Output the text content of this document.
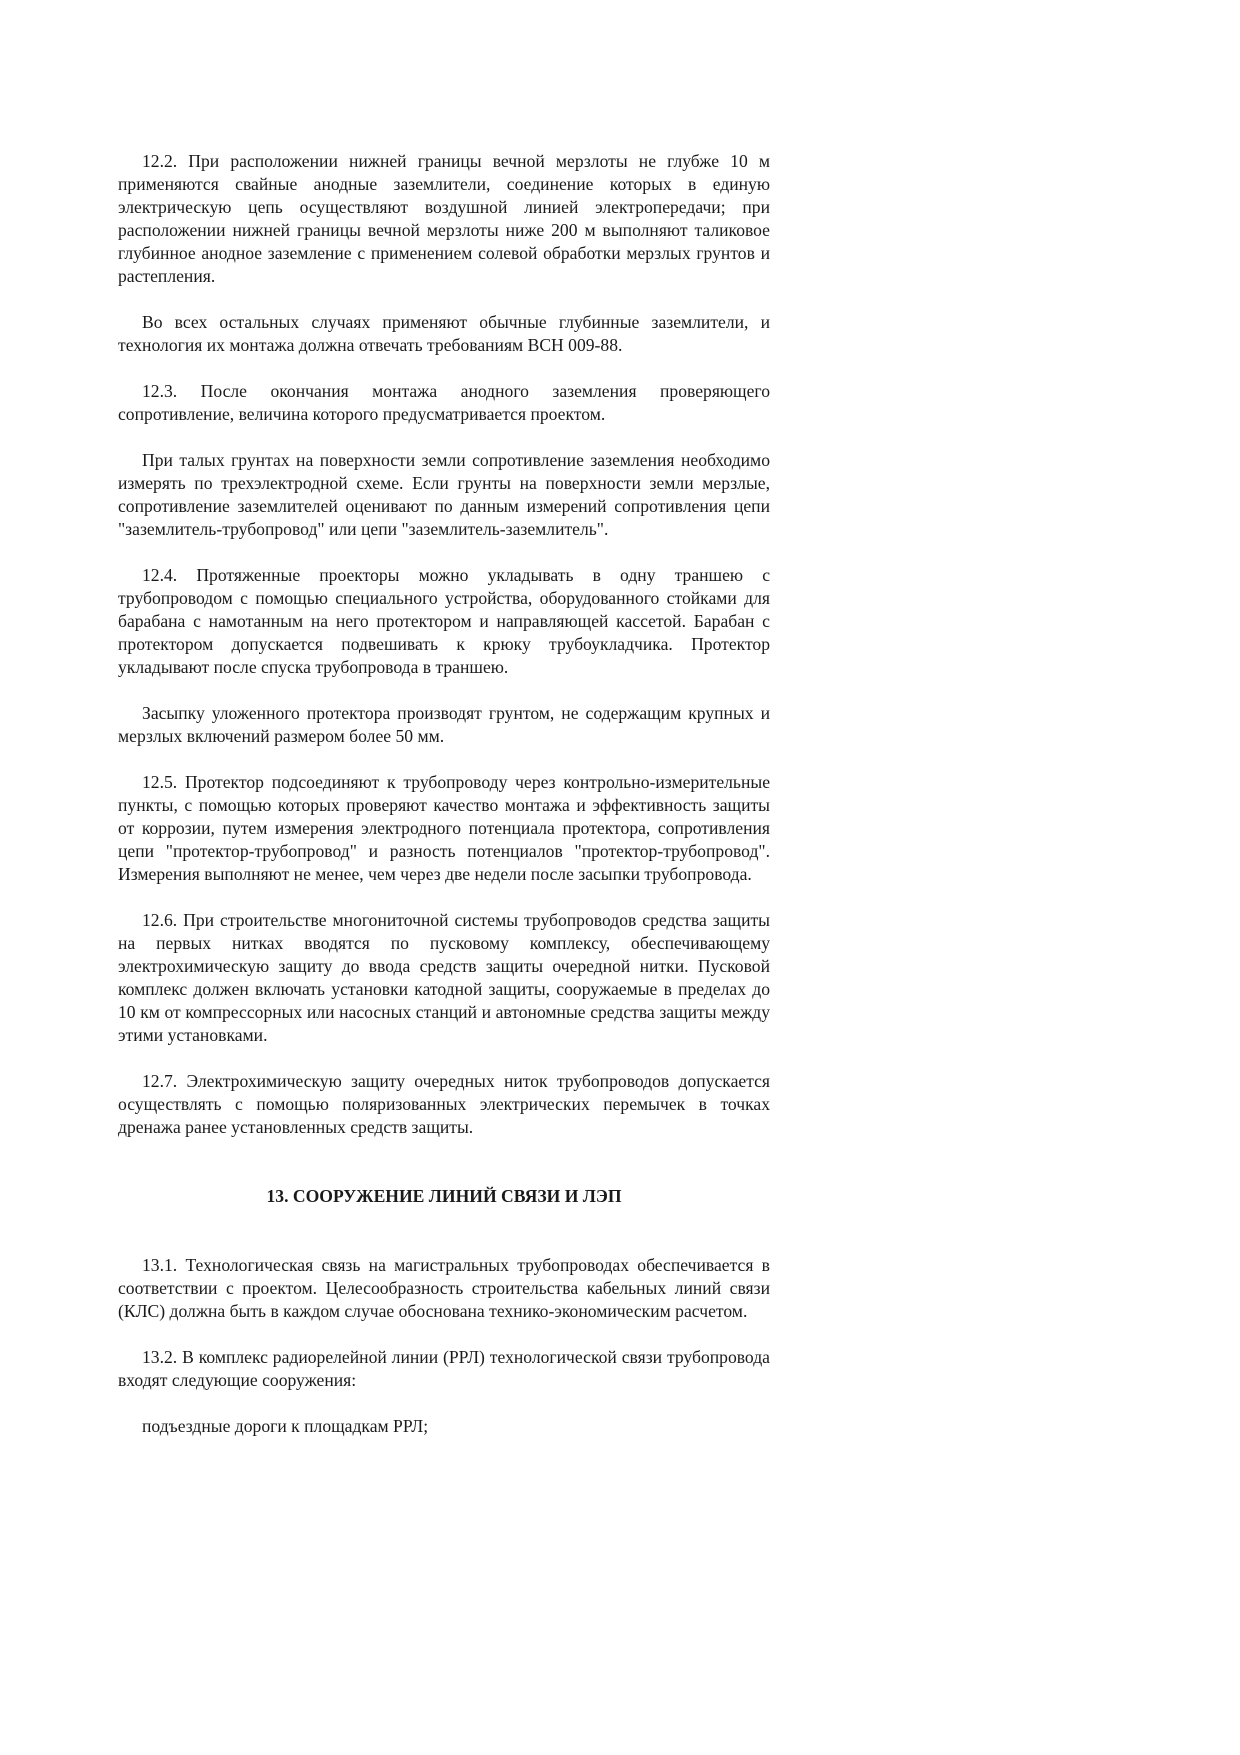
12.2. При расположении нижней границы вечной мерзлоты не глубже 10 м применяются свайные анодные заземлители, соединение которых в единую электрическую цепь осуществляют воздушной линией электропередачи; при расположении нижней границы вечной мерзлоты ниже 200 м выполняют таликовое глубинное анодное заземление с применением солевой обработки мерзлых грунтов и растепления.

Во всех остальных случаях применяют обычные глубинные заземлители, и технология их монтажа должна отвечать требованиям ВСН 009-88.

12.3. После окончания монтажа анодного заземления проверяющего сопротивление, величина которого предусматривается проектом.

При талых грунтах на поверхности земли сопротивление заземления необходимо измерять по трехэлектродной схеме. Если грунты на поверхности земли мерзлые, сопротивление заземлителей оценивают по данным измерений сопротивления цепи "заземлитель-трубопровод" или цепи "заземлитель-заземлитель".

12.4. Протяженные проекторы можно укладывать в одну траншею с трубопроводом с помощью специального устройства, оборудованного стойками для барабана с намотанным на него протектором и направляющей кассетой. Барабан с протектором допускается подвешивать к крюку трубоукладчика. Протектор укладывают после спуска трубопровода в траншею.

Засыпку уложенного протектора производят грунтом, не содержащим крупных и мерзлых включений размером более 50 мм.

12.5. Протектор подсоединяют к трубопроводу через контрольно-измерительные пункты, с помощью которых проверяют качество монтажа и эффективность защиты от коррозии, путем измерения электродного потенциала протектора, сопротивления цепи "протектор-трубопровод" и разность потенциалов "протектор-трубопровод". Измерения выполняют не менее, чем через две недели после засыпки трубопровода.

12.6. При строительстве многониточной системы трубопроводов средства защиты на первых нитках вводятся по пусковому комплексу, обеспечивающему электрохимическую защиту до ввода средств защиты очередной нитки. Пусковой комплекс должен включать установки катодной защиты, сооружаемые в пределах до 10 км от компрессорных или насосных станций и автономные средства защиты между этими установками.

12.7. Электрохимическую защиту очередных ниток трубопроводов допускается осуществлять с помощью поляризованных электрических перемычек в точках дренажа ранее установленных средств защиты.

13. СООРУЖЕНИЕ ЛИНИЙ СВЯЗИ И ЛЭП

13.1. Технологическая связь на магистральных трубопроводах обеспечивается в соответствии с проектом. Целесообразность строительства кабельных линий связи (КЛС) должна быть в каждом случае обоснована технико-экономическим расчетом.

13.2. В комплекс радиорелейной линии (РРЛ) технологической связи трубопровода входят следующие сооружения:

подъездные дороги к площадкам РРЛ;
